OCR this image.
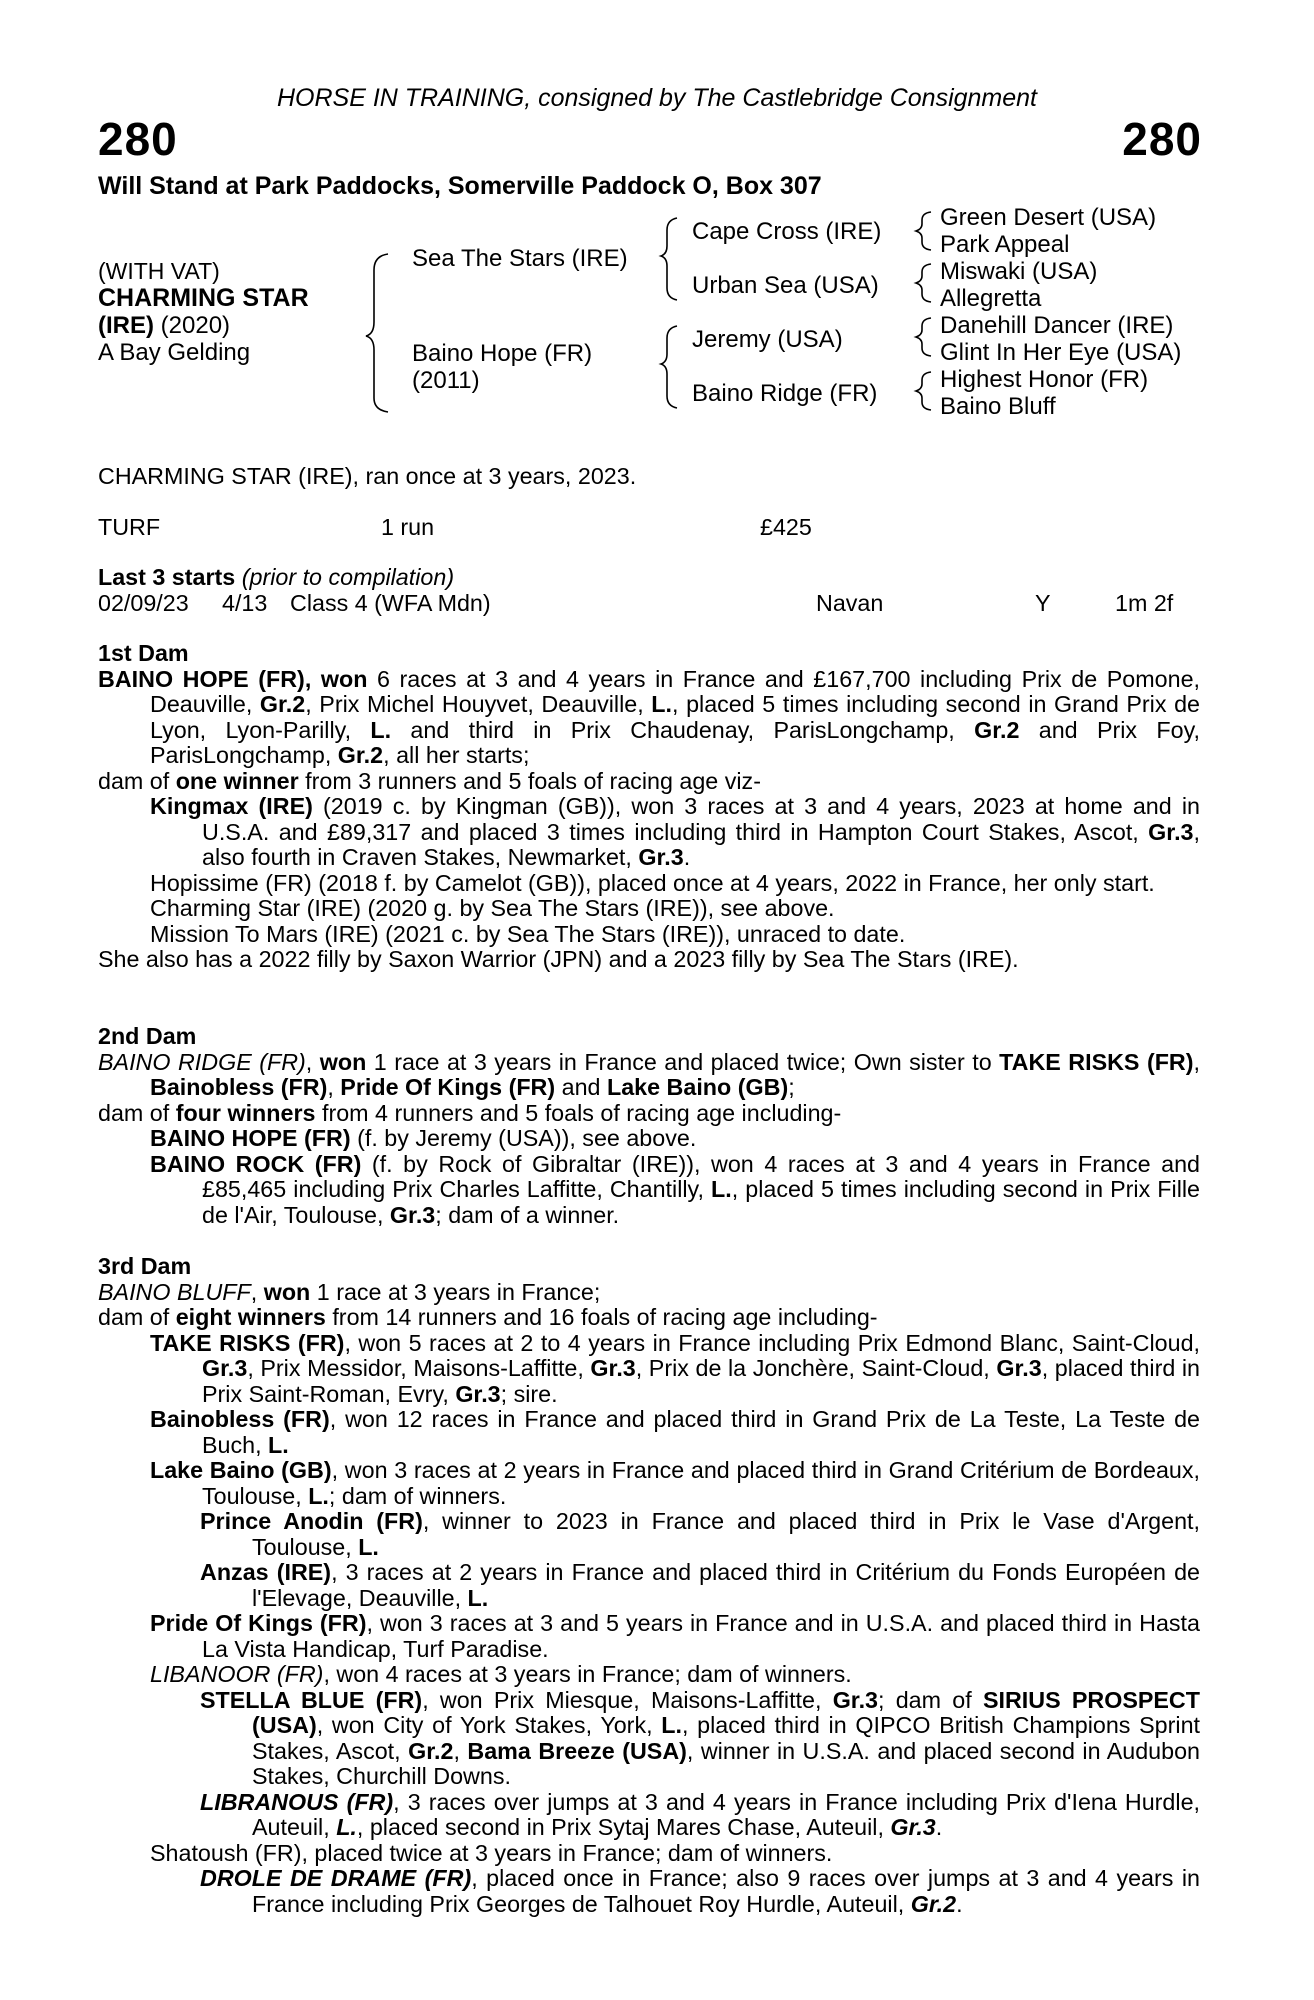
HORSE IN TRAINING, consigned by The Castlebridge Consignment
280	280
Will Stand at Park Paddocks, Somerville Paddock O, Box 307
(WITH VAT)
CHARMING STAR
(IRE) (2020)
A Bay Gelding
Sea The Stars (IRE)
Baino Hope (FR)
(2011)
Cape Cross (IRE)
Urban Sea (USA)
Jeremy (USA)
Baino Ridge (FR)
Green Desert (USA)
Park Appeal
Miswaki (USA)
Allegretta
Danehill Dancer (IRE)
Glint In Her Eye (USA)
Highest Honor (FR)
Baino Bluff
CHARMING STAR (IRE), ran once at 3 years, 2023.
TURF	1 run	£425
Last 3 starts (prior to compilation)
02/09/23 4/13 Class 4 (WFA Mdn)	Navan	Y	1m 2f
1st Dam

BAINO HOPE (FR), won 6 races at 3 and 4 years in France and £167,700 including Prix de Pomone, Deauville, Gr.2, Prix Michel Houyvet, Deauville, L., placed 5 times including second in Grand Prix de Lyon, Lyon-Parilly, L. and third in Prix Chaudenay, ParisLongchamp, Gr.2 and Prix Foy, ParisLongchamp, Gr.2, all her starts;

dam of one winner from 3 runners and 5 foals of racing age viz-

Kingmax (IRE) (2019 c. by Kingman (GB)), won 3 races at 3 and 4 years, 2023 at home and in U.S.A. and £89,317 and placed 3 times including third in Hampton Court Stakes, Ascot, Gr.3, also fourth in Craven Stakes, Newmarket, Gr.3.

Hopissime (FR) (2018 f. by Camelot (GB)), placed once at 4 years, 2022 in France, her only start.

Charming Star (IRE) (2020 g. by Sea The Stars (IRE)), see above.

Mission To Mars (IRE) (2021 c. by Sea The Stars (IRE)), unraced to date.

She also has a 2022 filly by Saxon Warrior (JPN) and a 2023 filly by Sea The Stars (IRE).

2nd Dam

BAINO RIDGE (FR), won 1 race at 3 years in France and placed twice; Own sister to TAKE RISKS (FR), Bainobless (FR), Pride Of Kings (FR) and Lake Baino (GB);

dam of four winners from 4 runners and 5 foals of racing age including-

BAINO HOPE (FR) (f. by Jeremy (USA)), see above.

BAINO ROCK (FR) (f. by Rock of Gibraltar (IRE)), won 4 races at 3 and 4 years in France and £85,465 including Prix Charles Laffitte, Chantilly, L., placed 5 times including second in Prix Fille de l'Air, Toulouse, Gr.3; dam of a winner.

3rd Dam

BAINO BLUFF, won 1 race at 3 years in France;

dam of eight winners from 14 runners and 16 foals of racing age including-

TAKE RISKS (FR), won 5 races at 2 to 4 years in France including Prix Edmond Blanc, Saint-Cloud, Gr.3, Prix Messidor, Maisons-Laffitte, Gr.3, Prix de la Jonchère, Saint-Cloud, Gr.3, placed third in Prix Saint-Roman, Evry, Gr.3; sire.

Bainobless (FR), won 12 races in France and placed third in Grand Prix de La Teste, La Teste de Buch, L.

Lake Baino (GB), won 3 races at 2 years in France and placed third in Grand Critérium de Bordeaux, Toulouse, L.; dam of winners.

Prince Anodin (FR), winner to 2023 in France and placed third in Prix le Vase d'Argent, Toulouse, L.

Anzas (IRE), 3 races at 2 years in France and placed third in Critérium du Fonds Européen de l'Elevage, Deauville, L.

Pride Of Kings (FR), won 3 races at 3 and 5 years in France and in U.S.A. and placed third in Hasta La Vista Handicap, Turf Paradise.

LIBANOOR (FR), won 4 races at 3 years in France; dam of winners.

STELLA BLUE (FR), won Prix Miesque, Maisons-Laffitte, Gr.3; dam of SIRIUS PROSPECT (USA), won City of York Stakes, York, L., placed third in QIPCO British Champions Sprint Stakes, Ascot, Gr.2, Bama Breeze (USA), winner in U.S.A. and placed second in Audubon Stakes, Churchill Downs.

LIBRANOUS (FR), 3 races over jumps at 3 and 4 years in France including Prix d'Iena Hurdle, Auteuil, L., placed second in Prix Sytaj Mares Chase, Auteuil, Gr.3.

Shatoush (FR), placed twice at 3 years in France; dam of winners.

DROLE DE DRAME (FR), placed once in France; also 9 races over jumps at 3 and 4 years in France including Prix Georges de Talhouet Roy Hurdle, Auteuil, Gr.2.
